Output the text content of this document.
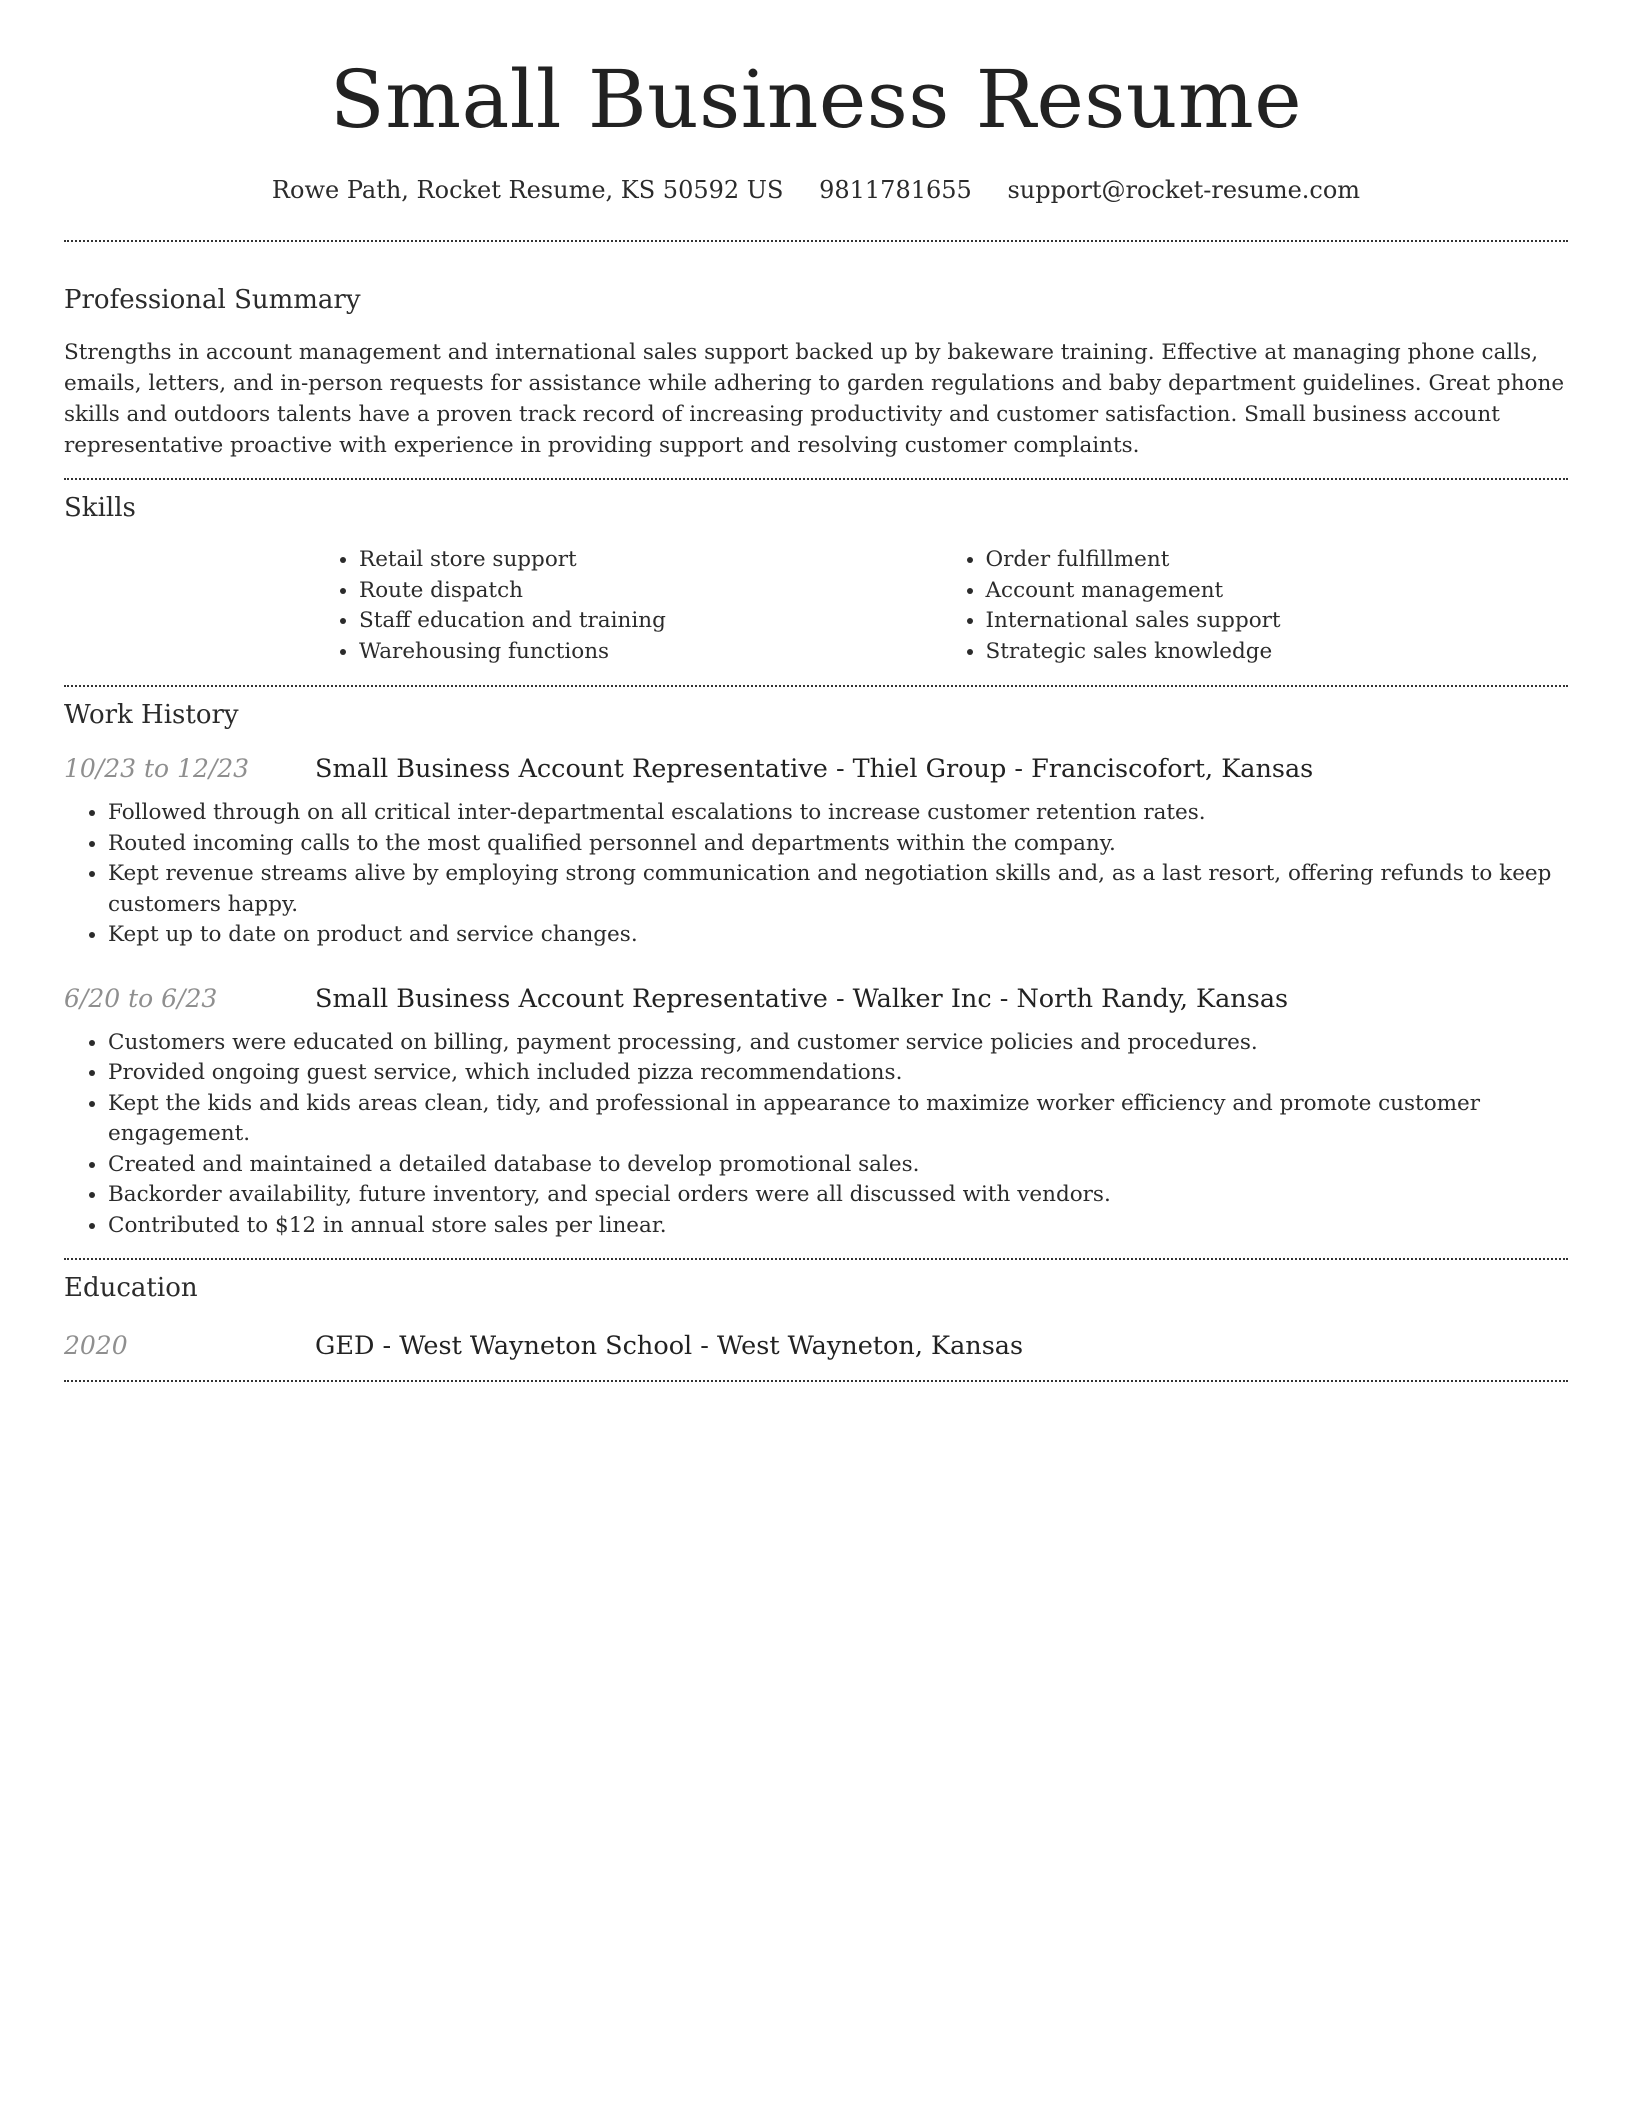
Small Business Resume
Rowe Path, Rocket Resume, KS 50592 US 9811781655 support@rocket-resume.com
Professional Summary

Strengths in account management and international sales support backed up by bakeware training. Effective at managing phone calls, emails, letters, and in-person requests for assistance while adhering to garden regulations and baby department guidelines. Great phone skills and outdoors talents have a proven track record of increasing productivity and customer satisfaction. Small business account representative proactive with experience in providing support and resolving customer complaints.

Skills
• Retail store support
• Route dispatch
• Staff education and training
• Warehousing functions
• Order fulfillment
• Account management
• International sales support
• Strategic sales knowledge
Work History
10/23 to 12/23	Small Business Account Representative - Thiel Group - Franciscofort, Kansas
• Followed through on all critical inter-departmental escalations to increase customer retention rates.
• Routed incoming calls to the most qualified personnel and departments within the company.
• Kept revenue streams alive by employing strong communication and negotiation skills and, as a last resort, offering refunds to keep customers happy.
• Kept up to date on product and service changes.
6/20 to 6/23	Small Business Account Representative - Walker Inc - North Randy, Kansas
• Customers were educated on billing, payment processing, and customer service policies and procedures.
• Provided ongoing guest service, which included pizza recommendations.
• Kept the kids and kids areas clean, tidy, and professional in appearance to maximize worker efficiency and promote customer engagement.
• Created and maintained a detailed database to develop promotional sales.
• Backorder availability, future inventory, and special orders were all discussed with vendors.
• Contributed to $12 in annual store sales per linear.
Education
2020	GED - West Wayneton School - West Wayneton, Kansas
